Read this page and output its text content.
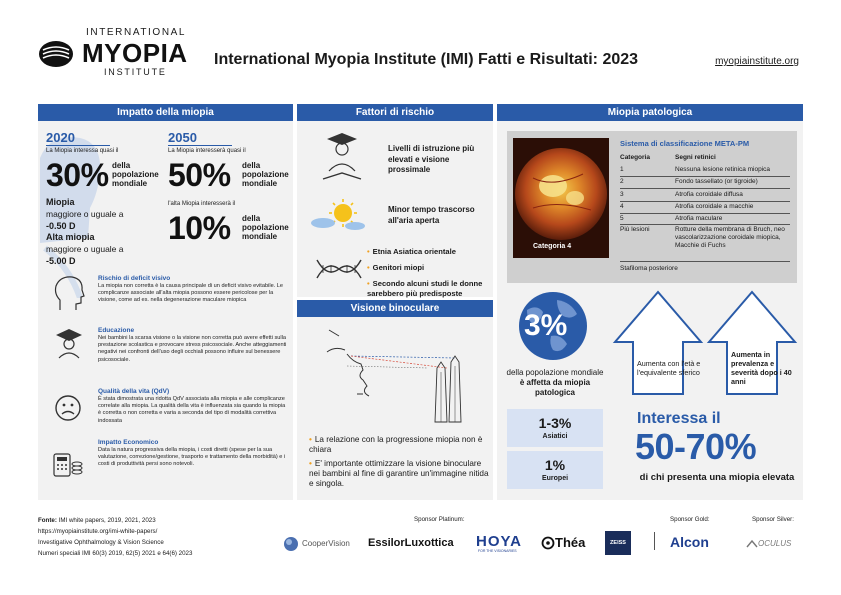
INTERNATIONAL
MYOPIA
INSTITUTE
International Myopia Institute (IMI) Fatti e Risultati: 2023	myopiainstitute.org
Impatto della miopia
2020
La Miopia interessa quasi il
30% della popolazione mondiale
2050
La Miopia interesserà quasi il
50% della popolazione mondiale
l'alta Miopia interesserà il
10% della popolazione mondiale
Miopia
maggiore o uguale a
-0.50 D
Alta miopia
maggiore o uguale a
-5.00 D
Rischio di deficit visivo
La miopia non corretta è la causa principale di un deficit visivo evitabile. Le complicanze associate all'alta miopia possono essere pericolose per la visione, come ad es. nella degenerazione maculare miopica
Educazione
Nei bambini la scarsa visione o la visione non corretta può avere effetti sulla prestazione scolastica e provocare stress psicosociale. Anche atteggiamenti negativi nei confronti dell'uso degli occhiali possono influire sul benessere psicosociale.
Qualità della vita (QdV)
È stata dimostrata una ridotta QdV associata alla miopia e alle complicanze correlate alla miopia. La qualità della vita è influenzata sia quando la miopia è corretta o non corretta e varia a seconda del tipo di modalità correttiva indossata
Impatto Economico
Data la natura progressiva della miopia, i costi diretti (spese per la sua valutazione, correzione/gestione, trasporto e trattamento della morbidità) e i costi di produttività persi sono notevoli.
Fattori di rischio
Livelli di istruzione più elevati e visione prossimale
Minor tempo trascorso all'aria aperta
• Etnia Asiatica orientale
• Genitori miopi
• Secondo alcuni studi le donne sarebbero più predisposte
Visione binoculare
• La relazione con la progressione miopia non è chiara
• E' importante ottimizzare la visione binoculare nei bambini al fine di garantire un'immagine nitida e singola.
Miopia patologica
Categoria 4
Sistema di classificazione META-PM
Categoria	Segni retinici
1	Nessuna lesione retinica miopica
2	Fondo tassellato (or tigroide)
3	Atrofia coroidale diffusa
4	Atrofia coroidale a macchie
5	Atrofia maculare
Più lesioni	Rotture della membrana di Bruch, neo vascolarizzazione coroidale miopica, Macchie di Fuchs
Stafiloma posteriore
3%
della popolazione mondiale
è affetta da miopia patologica
1-3%
Asiatici
1%
Europei
Aumenta con l'età e l'equivalente sferico
Aumenta in prevalenza e severità dopo i 40 anni
Interessa il
50-70%
di chi presenta una miopia elevata
Fonte: IMI white papers, 2019, 2021, 2023
https://myopiainstitute.org/imi-white-papers/
Investigative Ophthalmology & Vision Science
Numeri speciali IMI 60(3) 2019, 62(5) 2021 e 64(6) 2023
Sponsor Platinum:	Sponsor Gold:	Sponsor Silver:
CooperVision EssilorLuxottica HOYA
FOR THE VISIONARIES
Théa	ZEISS	Alcon	OCULUS
